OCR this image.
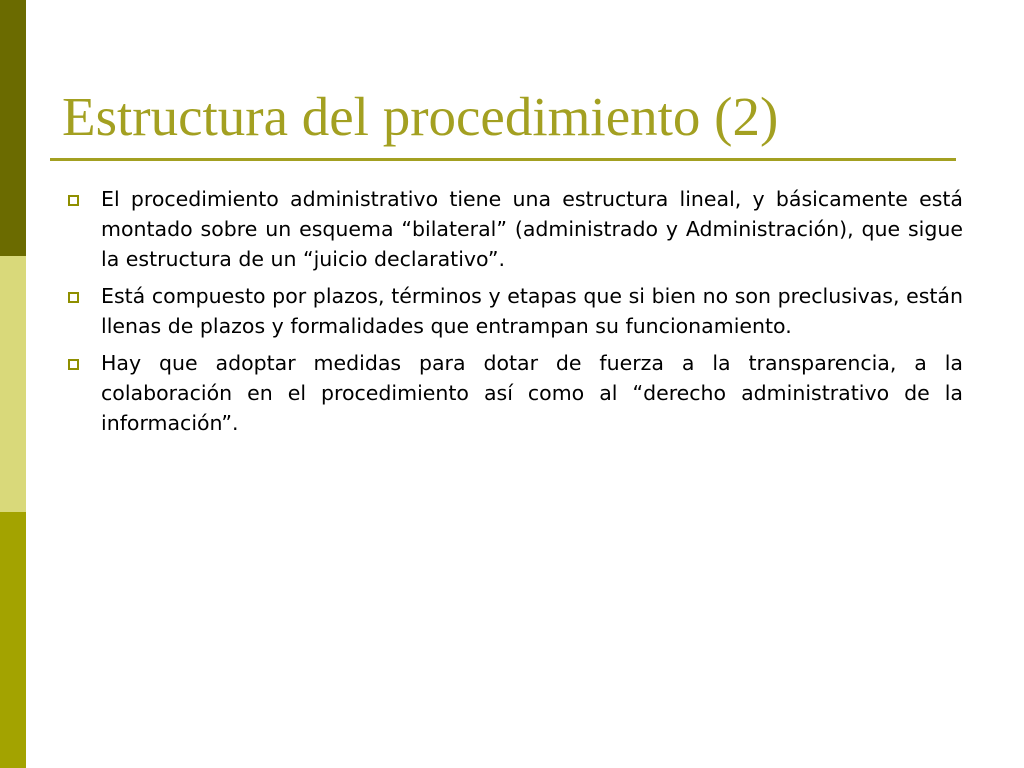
Estructura del procedimiento (2)

El procedimiento administrativo tiene una estructura lineal, y básicamente está montado sobre un esquema “bilateral” (administrado y Administración), que sigue la estructura de un “juicio declarativo”.

Está compuesto por plazos, términos y etapas que si bien no son preclusivas, están llenas de plazos y formalidades que entrampan su funcionamiento.

Hay que adoptar medidas para dotar de fuerza a la transparencia, a la colaboración en el procedimiento así como al “derecho administrativo de la información”.
